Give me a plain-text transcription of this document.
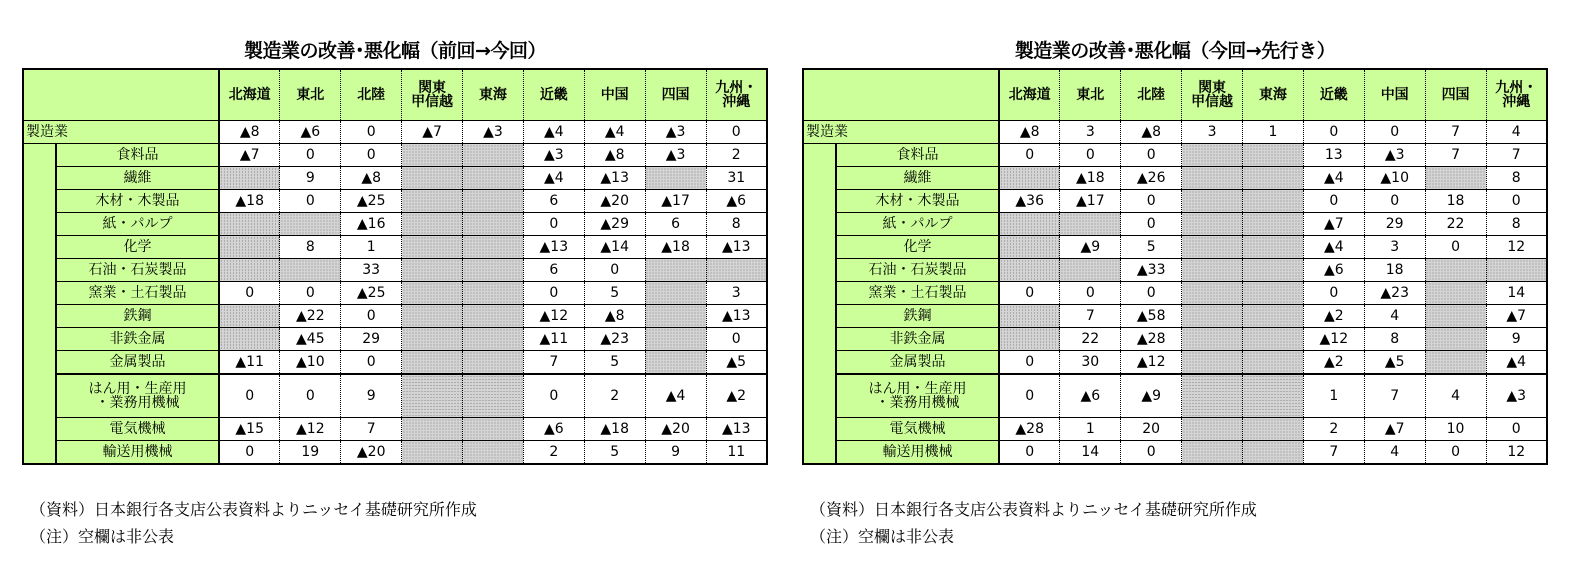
製造業の改善･悪化幅（前回→今回）
		北海道	東北	北陸	関東
甲信越	東海	近畿	中国	四国	九州・
沖縄
製造業		▲8	▲6	0	▲7	▲3	▲4	▲4	▲3	0
	食料品	▲7	0	0			▲3	▲8	▲3	2
	繊維		9	▲8			▲4	▲13		31
	木材・木製品	▲18	0	▲25			6	▲20	▲17	▲6
	紙・パルプ			▲16			0	▲29	6	8
	化学		8	1			▲13	▲14	▲18	▲13
	石油・石炭製品			33			6	0		
	窯業・土石製品	0	0	▲25			0	5		3
	鉄鋼		▲22	0			▲12	▲8		▲13
	非鉄金属		▲45	29			▲11	▲23		0
	金属製品	▲11	▲10	0			7	5		▲5
	はん用・生産用
・業務用機械	0	0	9			0	2	▲4	▲2
	電気機械	▲15	▲12	7			▲6	▲18	▲20	▲13
	輸送用機械	0	19	▲20			2	5	9	11
（資料）日本銀行各支店公表資料よりニッセイ基礎研究所作成
（注）空欄は非公表
製造業の改善･悪化幅（今回→先行き）
		北海道	東北	北陸	関東
甲信越	東海	近畿	中国	四国	九州・
沖縄
製造業		▲8	3	▲8	3	1	0	0	7	4
	食料品	0	0	0			13	▲3	7	7
	繊維		▲18	▲26			▲4	▲10		8
	木材・木製品	▲36	▲17	0			0	0	18	0
	紙・パルプ			0			▲7	29	22	8
	化学		▲9	5			▲4	3	0	12
	石油・石炭製品			▲33			▲6	18		
	窯業・土石製品	0	0	0			0	▲23		14
	鉄鋼		7	▲58			▲2	4		▲7
	非鉄金属		22	▲28			▲12	8		9
	金属製品	0	30	▲12			▲2	▲5		▲4
	はん用・生産用
・業務用機械	0	▲6	▲9			1	7	4	▲3
	電気機械	▲28	1	20			2	▲7	10	0
	輸送用機械	0	14	0			7	4	0	12
（資料）日本銀行各支店公表資料よりニッセイ基礎研究所作成
（注）空欄は非公表
